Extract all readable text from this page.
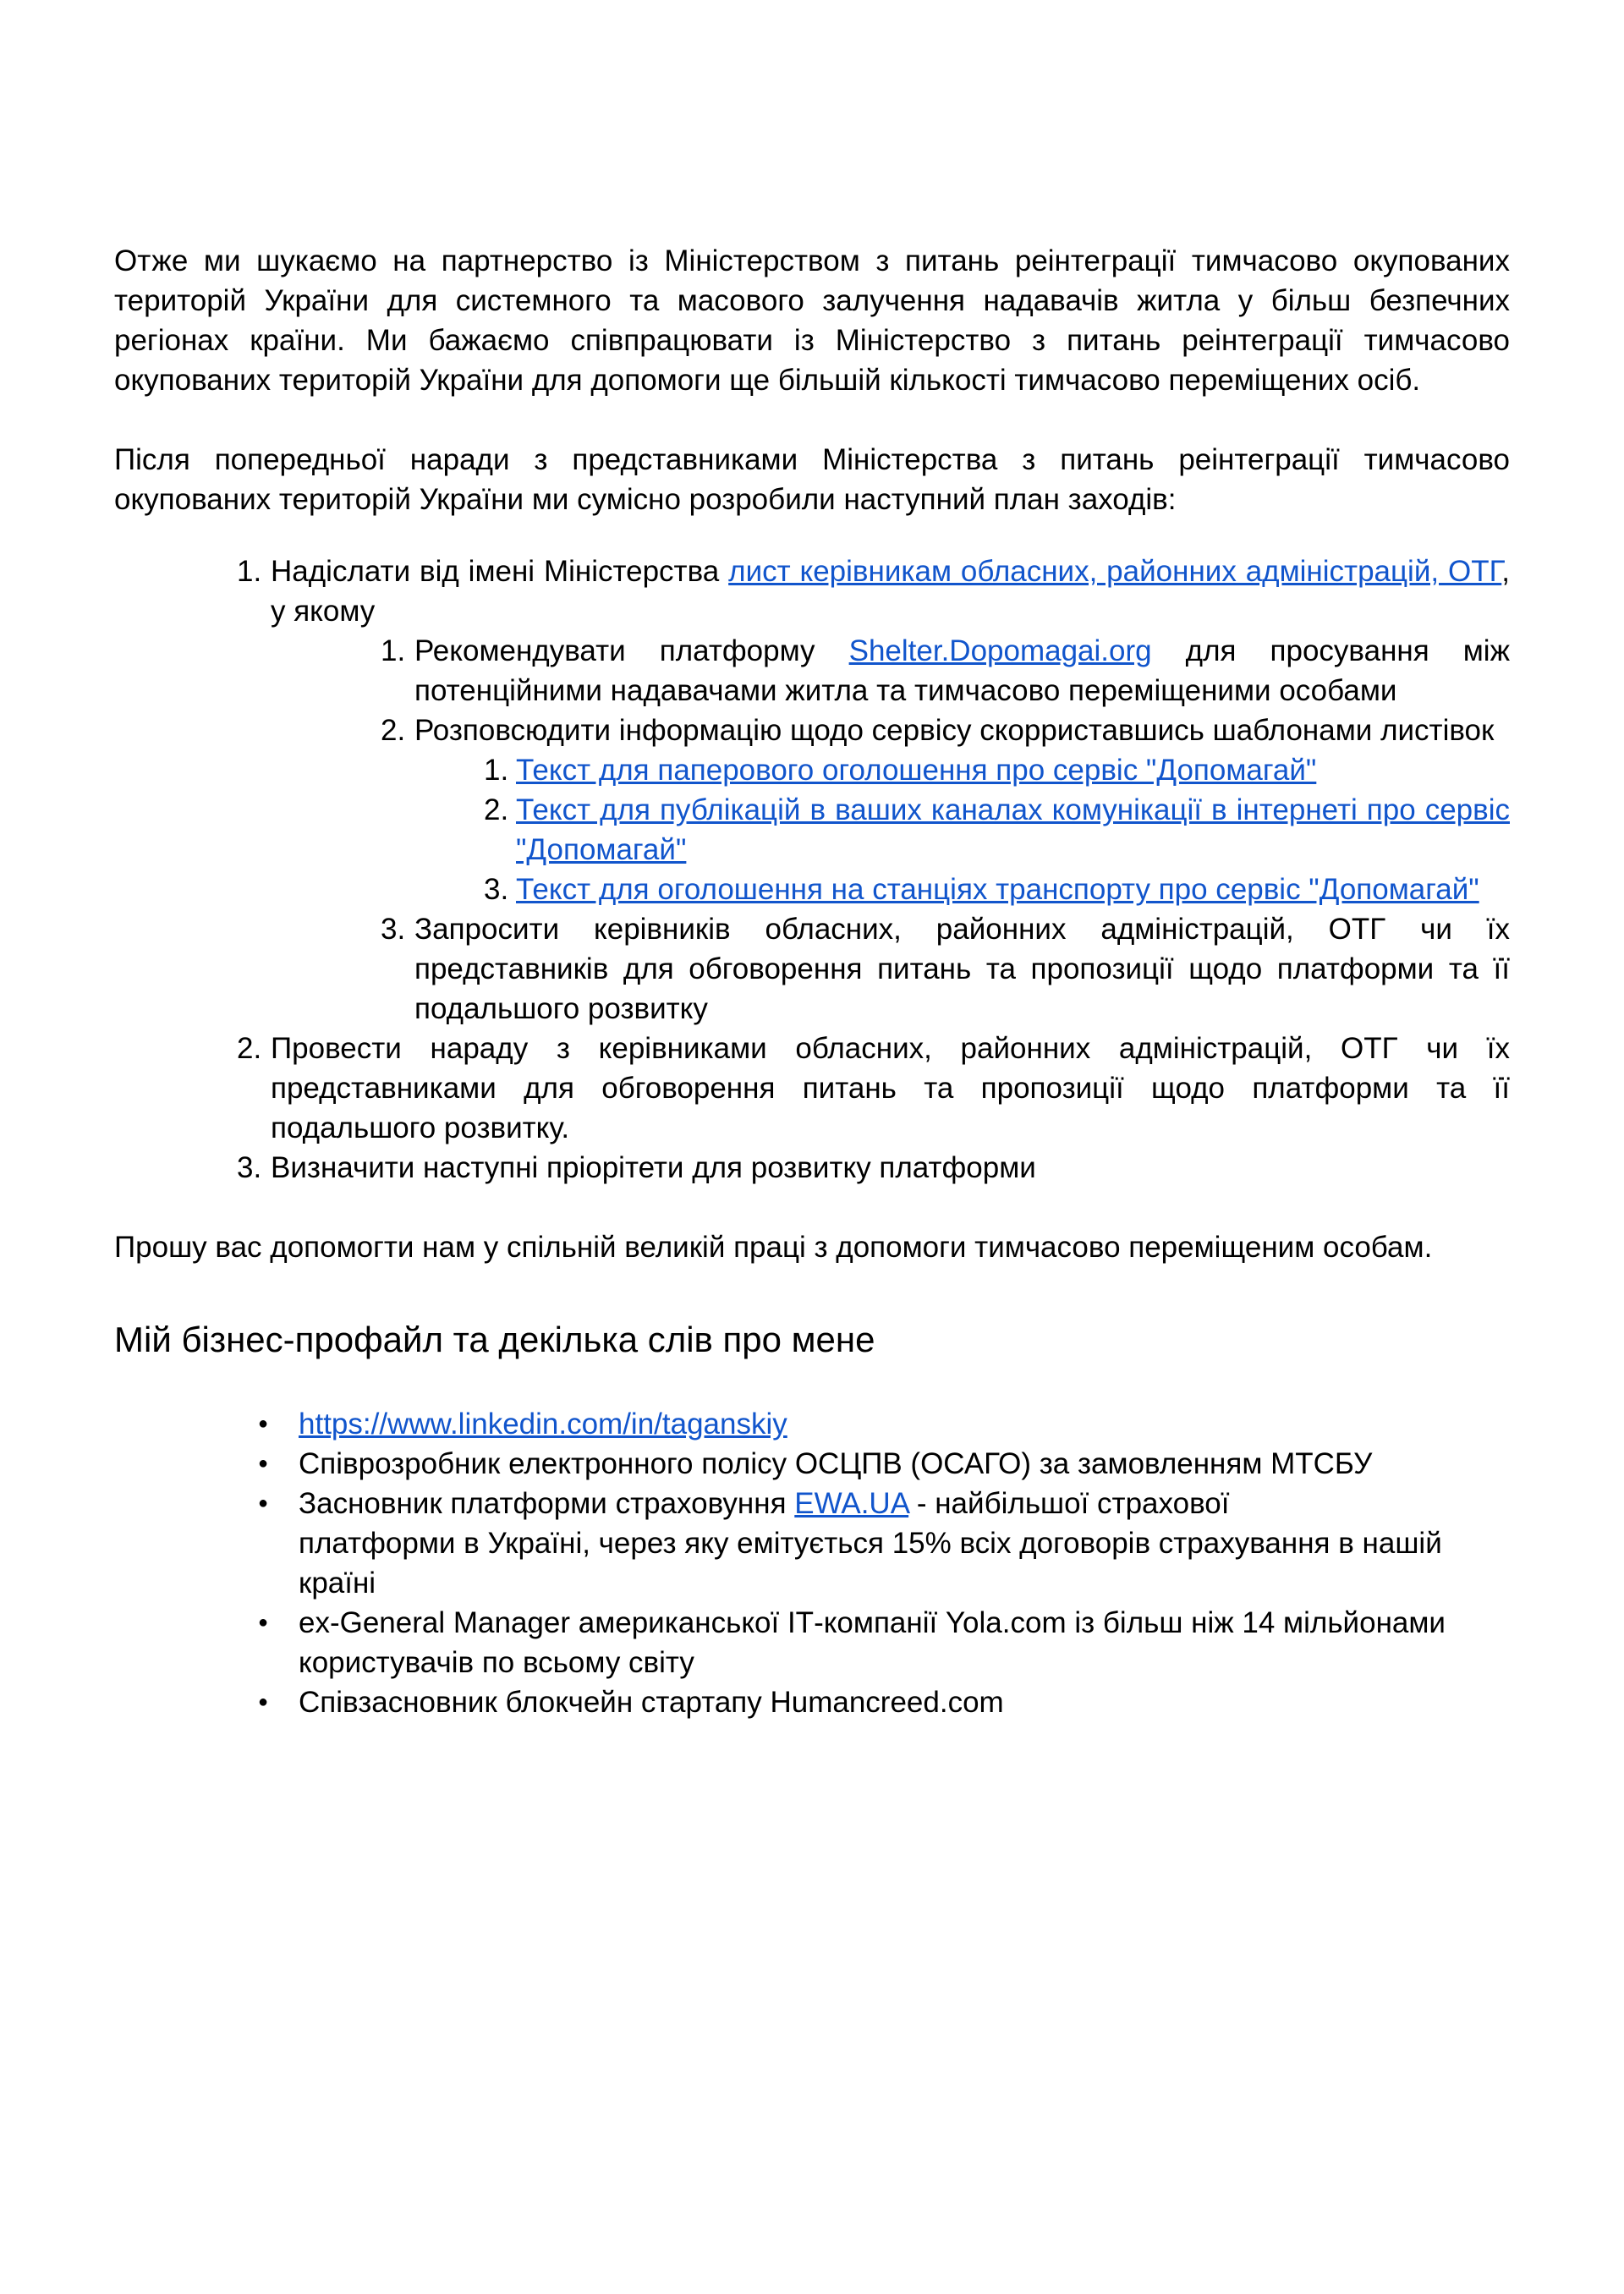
Отже ми шукаємо на партнерство із Міністерством з питань реінтеграції тимчасово окупованих територій України для системного та масового залучення надавачів житла у більш безпечних регіонах країни. Ми бажаємо співпрацювати із Міністерство з питань реінтеграції тимчасово окупованих територій України для допомоги ще більшій кількості тимчасово переміщених осіб.

Після попередньої наради з представниками Міністерства з питань реінтеграції тимчасово окупованих територій України ми сумісно розробили наступний план заходів:

1. Надіслати від імені Міністерства лист керівникам обласних, районних адміністрацій, ОТГ, у якому
1. Рекомендувати платформу Shelter.Dopomagai.org для просування між потенційними надавачами житла та тимчасово переміщеними особами
2. Розповсюдити інформацію щодо сервісу скорриставшись шаблонами листівок
1. Текст для паперового оголошення про сервіс "Допомагай"
2. Текст для публікацій в ваших каналах комунікації в інтернеті про сервіс "Допомагай"
3. Текст для оголошення на станціях транспорту про сервіс "Допомагай"
3. Запросити керівників обласних, районних адміністрацій, ОТГ чи їх представників для обговорення питань та пропозиції щодо платформи та її подальшого розвитку
2. Провести нараду з керівниками обласних, районних адміністрацій, ОТГ чи їх представниками для обговорення питань та пропозиції щодо платформи та її подальшого розвитку.
3. Визначити наступні пріорітети для розвитку платформи

Прошу вас допомогти нам у спільній великій праці з допомоги тимчасово переміщеним особам.

Мій бізнес-профайл та декілька слів про мене
●	https://www.linkedin.com/in/taganskiy
●	Співрозробник електронного полісу ОСЦПВ (ОСАГО) за замовленням МТСБУ
●	Засновник платформи страховуння EWA.UA - найбільшої страхової
платформи в Україні, через яку емітується 15% всіх договорів страхування в нашій країні
●	ex-General Manager американської ІТ-компанії Yola.com із більш ніж 14 мільйонами користувачів по всьому світу
●	Співзасновник блокчейн стартапу Humancreed.com
